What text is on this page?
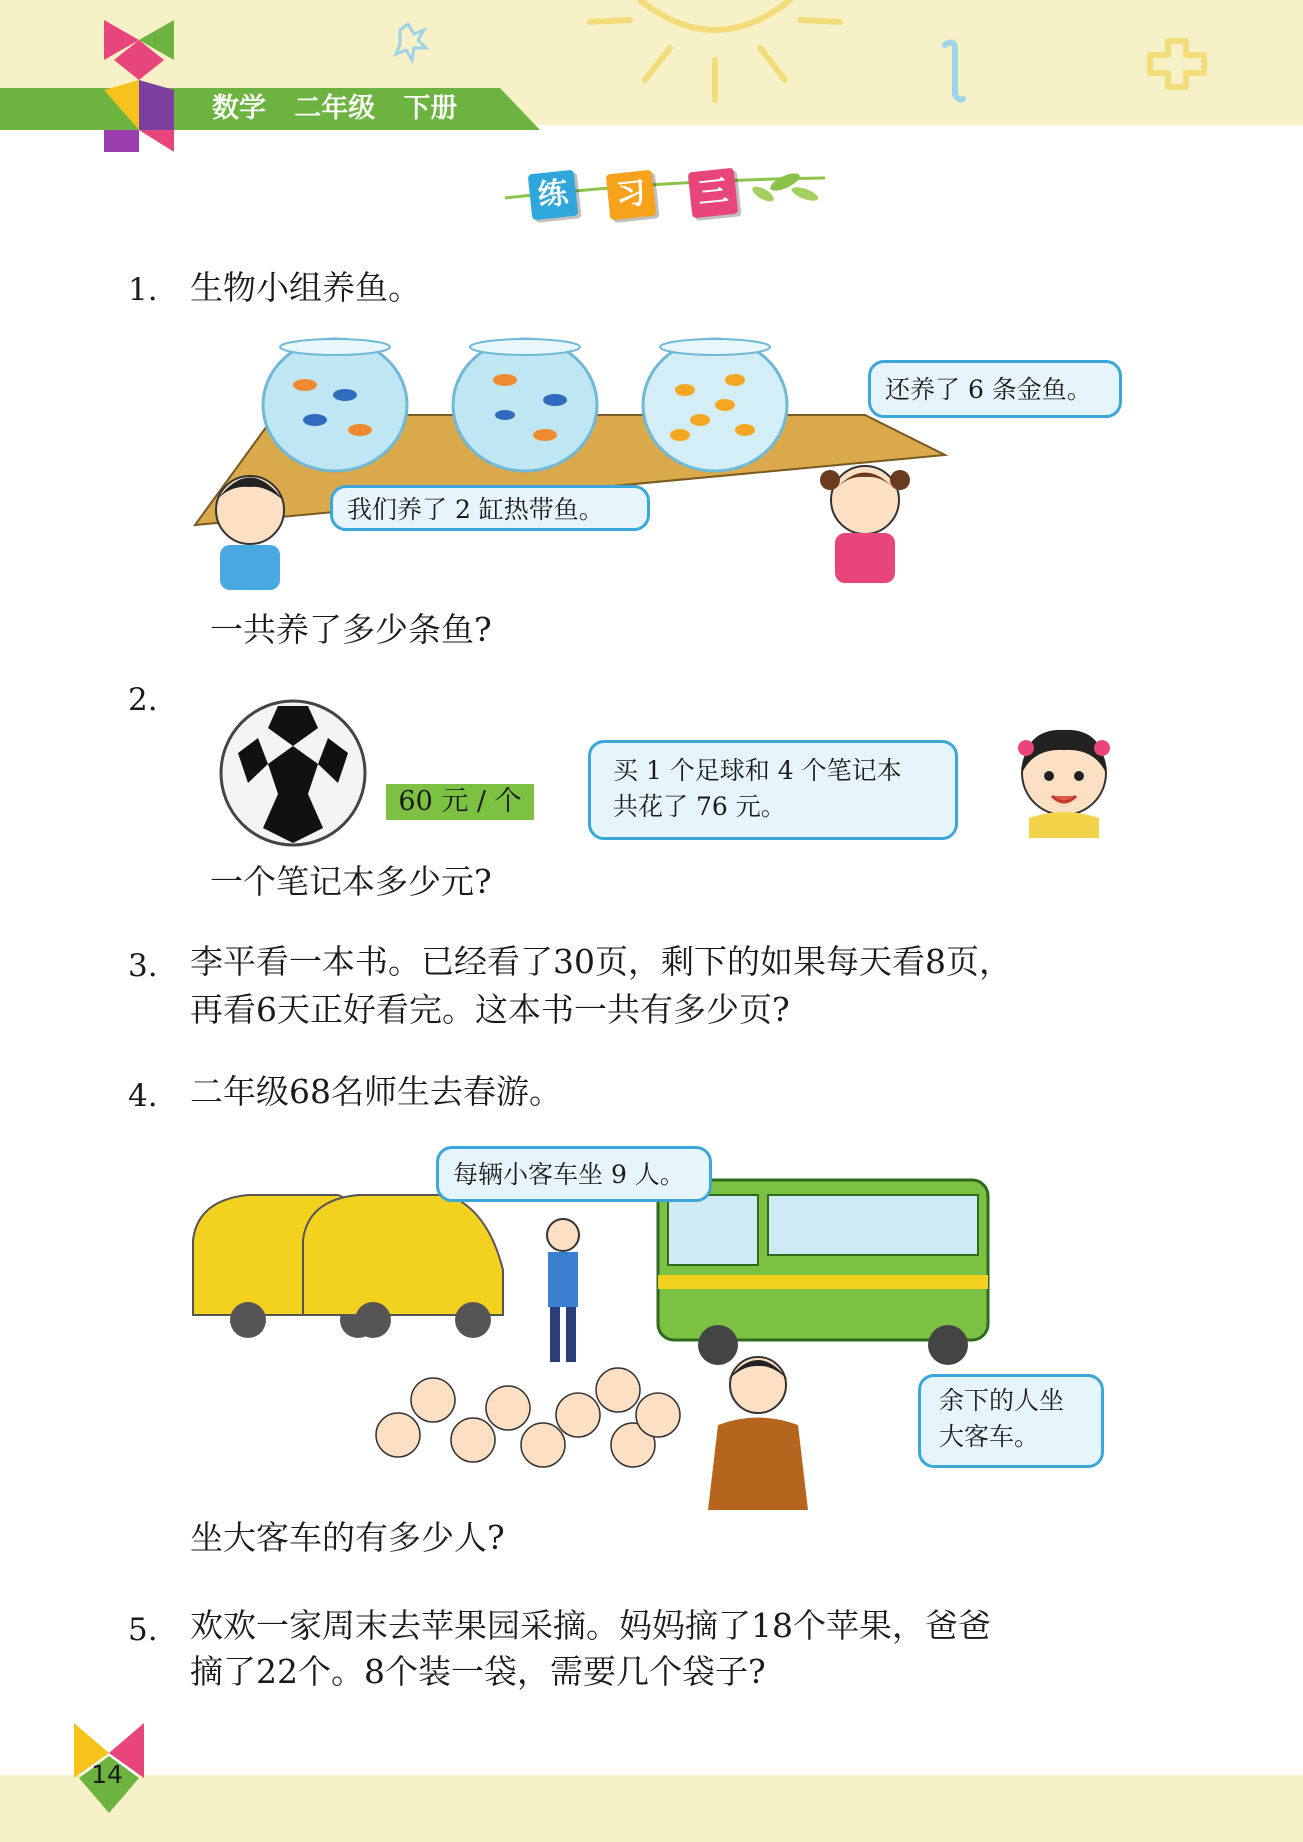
数学   二年级   下册
练 习 三
1. 生物小组养鱼。
我们养了 2 缸热带鱼。
还养了 6 条金鱼。
一共养了多少条鱼?
2.
60 元 / 个
买 1 个足球和 4 个笔记本
共花了 76 元。
一个笔记本多少元?
3. 李平看一本书。已经看了30页，剩下的如果每天看8页，
再看6天正好看完。这本书一共有多少页?
4. 二年级68名师生去春游。
每辆小客车坐 9 人。
余下的人坐
大客车。
坐大客车的有多少人?
5. 欢欢一家周末去苹果园采摘。妈妈摘了18个苹果，爸爸
摘了22个。8个装一袋，需要几个袋子?
14
